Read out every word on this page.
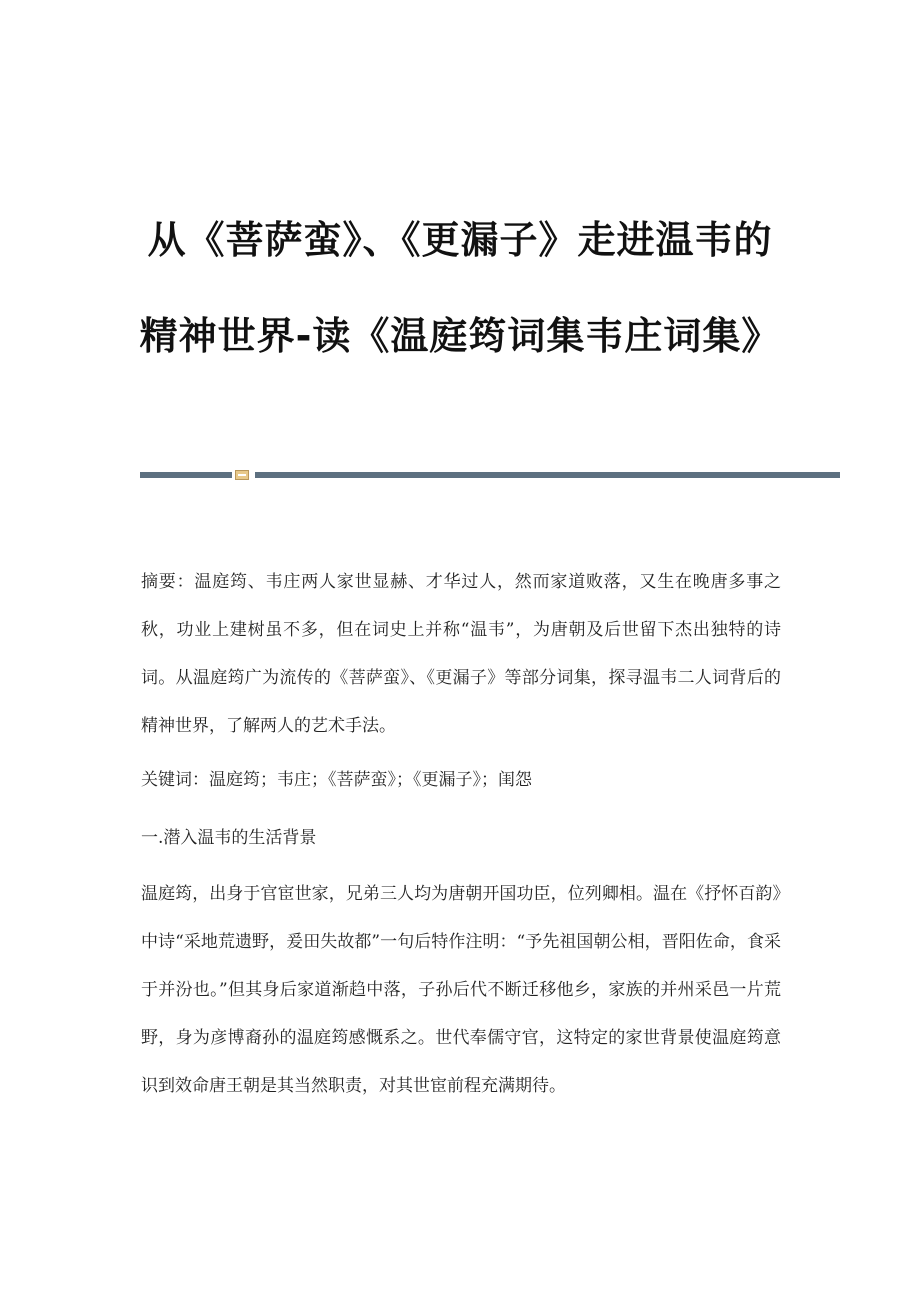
从《菩萨蛮》、《更漏子》走进温韦的
精神世界-读《温庭筠词集韦庄词集》

摘要：温庭筠、韦庄两人家世显赫、才华过人，然而家道败落，又生在晚唐多事之秋，功业上建树虽不多，但在词史上并称“温韦”，为唐朝及后世留下杰出独特的诗词。从温庭筠广为流传的《菩萨蛮》、《更漏子》等部分词集，探寻温韦二人词背后的精神世界，了解两人的艺术手法。

关键词：温庭筠；韦庄；《菩萨蛮》；《更漏子》；闺怨

一.潜入温韦的生活背景

温庭筠，出身于官宦世家，兄弟三人均为唐朝开国功臣，位列卿相。温在《抒怀百韵》中诗“采地荒遗野，爰田失故都”一句后特作注明：“予先祖国朝公相，晋阳佐命，食采于并汾也。”但其身后家道渐趋中落，子孙后代不断迁移他乡，家族的并州采邑一片荒野，身为彦博裔孙的温庭筠感慨系之。世代奉儒守官，这特定的家世背景使温庭筠意识到效命唐王朝是其当然职责，对其世宦前程充满期待。
